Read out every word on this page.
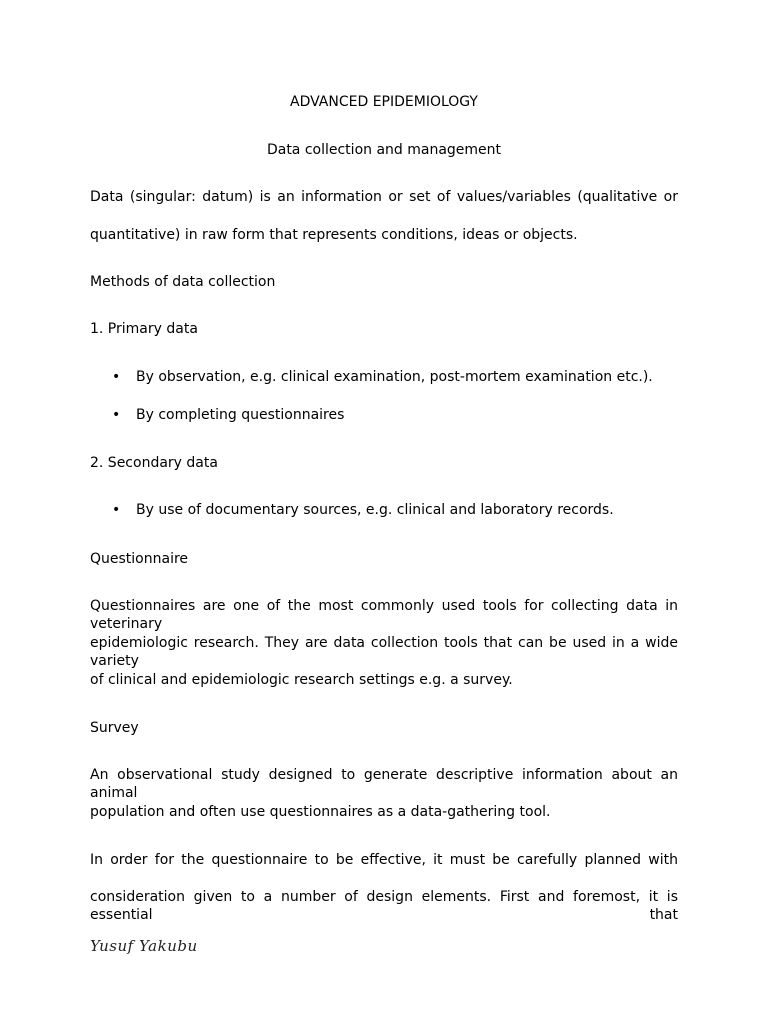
ADVANCED EPIDEMIOLOGY
Data collection and management
Data (singular: datum) is an information or set of values/variables (qualitative or
quantitative) in raw form that represents conditions, ideas or objects.
Methods of data collection
1. Primary data
• By observation, e.g. clinical examination, post-mortem examination etc.).
• By completing questionnaires
2. Secondary data
• By use of documentary sources, e.g. clinical and laboratory records.
Questionnaire
Questionnaires are one of the most commonly used tools for collecting data in veterinary
epidemiologic research. They are data collection tools that can be used in a wide variety
of clinical and epidemiologic research settings e.g. a survey.
Survey
An observational study designed to generate descriptive information about an animal
population and often use questionnaires as a data-gathering tool.
In order for the questionnaire to be effective, it must be carefully planned with
consideration given to a number of design elements. First and foremost, it is essential that
Yusuf Yakubu
